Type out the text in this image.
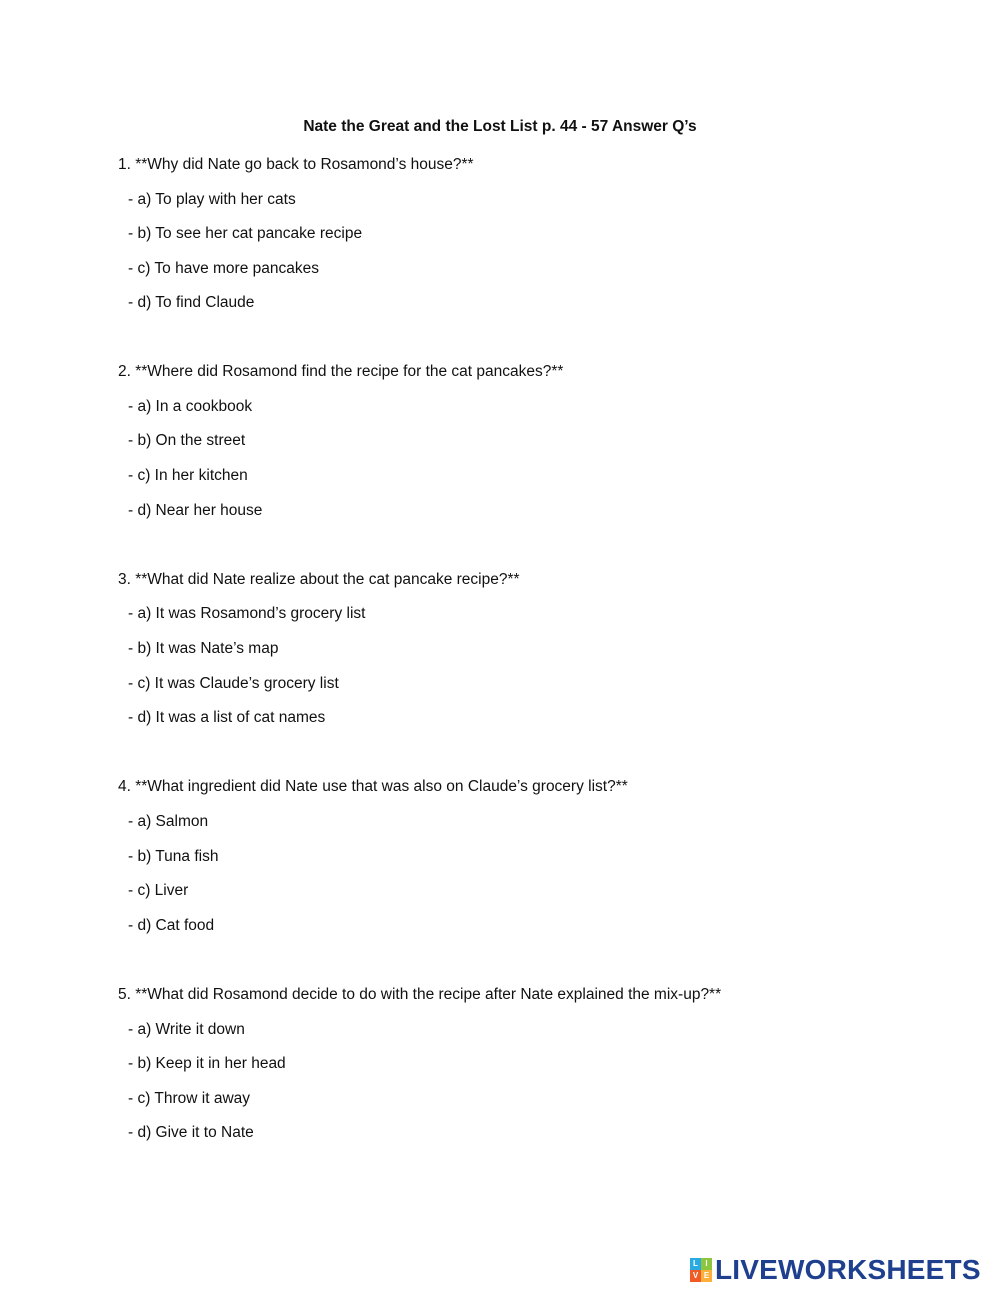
Nate the Great and the Lost List p. 44 - 57 Answer Q’s
1. **Why did Nate go back to Rosamond’s house?**
- a) To play with her cats
- b) To see her cat pancake recipe
- c) To have more pancakes
- d) To find Claude
2. **Where did Rosamond find the recipe for the cat pancakes?**
- a) In a cookbook
- b) On the street
- c) In her kitchen
- d) Near her house
3. **What did Nate realize about the cat pancake recipe?**
- a) It was Rosamond’s grocery list
- b) It was Nate’s map
- c) It was Claude’s grocery list
- d) It was a list of cat names
4. **What ingredient did Nate use that was also on Claude’s grocery list?**
- a) Salmon
- b) Tuna fish
- c) Liver
- d) Cat food
5. **What did Rosamond decide to do with the recipe after Nate explained the mix-up?**
- a) Write it down
- b) Keep it in her head
- c) Throw it away
- d) Give it to Nate
L I
V E LIVEWORKSHEETS
